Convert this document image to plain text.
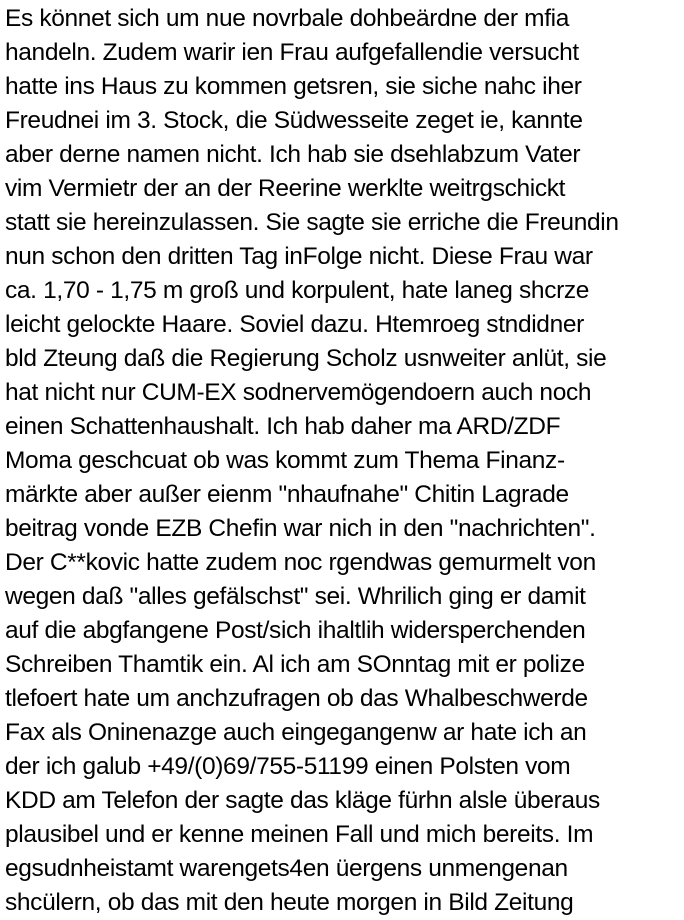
Es könnet sich um nue novrbale dohbeärdne der mfia
handeln. Zudem warir ien Frau aufgefallendie versucht
hatte ins Haus zu kommen getsren, sie siche nahc iher
Freudnei im 3. Stock, die Südwesseite zeget ie, kannte
aber derne namen nicht. Ich hab sie dsehlabzum Vater
vim Vermietr der an der Reerine werklte weitrgschickt
statt sie hereinzulassen. Sie sagte sie erriche die Freundin
nun schon den dritten Tag inFolge nicht. Diese Frau war
ca. 1,70 - 1,75 m groß und korpulent, hate laneg shcrze
leicht gelockte Haare. Soviel dazu. Htemroeg stndidner
bld Zteung daß die Regierung Scholz usnweiter anlüt, sie
hat nicht nur CUM-EX sodnervemögendoern auch noch
einen Schattenhaushalt. Ich hab daher ma ARD/ZDF
Moma geschcuat ob was kommt zum Thema Finanz-
märkte aber außer eienm "nhaufnahe" Chitin Lagrade
beitrag vonde EZB Chefin war nich in den "nachrichten".
Der C**kovic hatte zudem noc rgendwas gemurmelt von
wegen daß "alles gefälschst" sei. Whrilich ging er damit
auf die abgfangene Post/sich ihaltlih widersperchenden
Schreiben Thamtik ein. Al ich am SOnntag mit er polize
tlefoert hate um anchzufragen ob das Whalbeschwerde
Fax als Oninenazge auch eingegangenw ar hate ich an
der ich galub +49/(0)69/755-51199 einen Polsten vom
KDD am Telefon der sagte das kläge fürhn alsle überaus
plausibel und er kenne meinen Fall und mich bereits. Im
egsudnheistamt warengets4en üergens unmengenan
shcülern, ob das mit den heute morgen in Bild Zeitung
